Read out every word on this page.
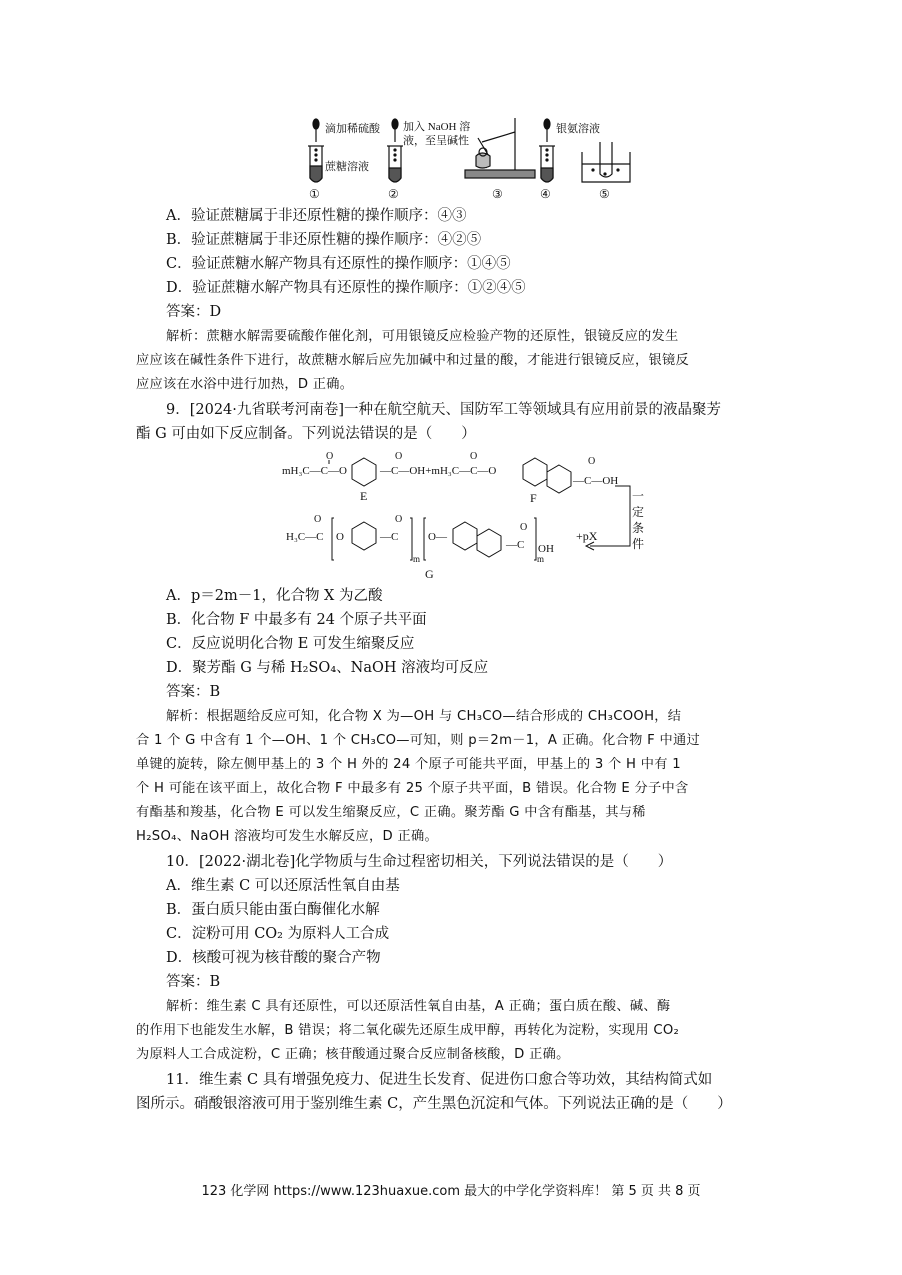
滴加稀硫酸
蔗糖溶液
①
加入 NaOH 溶
液，至呈碱性
②	③
银氨溶液
④	⑤
A．验证蔗糖属于非还原性糖的操作顺序：④③
B．验证蔗糖属于非还原性糖的操作顺序：④②⑤
C．验证蔗糖水解产物具有还原性的操作顺序：①④⑤
D．验证蔗糖水解产物具有还原性的操作顺序：①②④⑤
答案：D
解析：蔗糖水解需要硫酸作催化剂，可用银镜反应检验产物的还原性，银镜反应的发生
应应该在碱性条件下进行，故蔗糖水解后应先加碱中和过量的酸，才能进行银镜反应，银镜反
应应该在水浴中进行加热，D 正确。
9．[2024·九省联考河南卷]一种在航空航天、国防军工等领域具有应用前景的液晶聚芳
酯 G 可由如下反应制备。下列说法错误的是（　　）
mH₃C—C—O
O
—C—OH+mH₃C—C—O
O	O
—C—OH
O
H₃C—C
O
O	—C
O
m
O—
—C
O
m
OH
E	F
G
+pX
一
定
条
件
A．p＝2m－1，化合物 X 为乙酸
B．化合物 F 中最多有 24 个原子共平面
C．反应说明化合物 E 可发生缩聚反应
D．聚芳酯 G 与稀 H₂SO₄、NaOH 溶液均可反应
答案：B
解析：根据题给反应可知，化合物 X 为—OH 与 CH₃CO—结合形成的 CH₃COOH，结
合 1 个 G 中含有 1 个—OH、1 个 CH₃CO—可知，则 p＝2m－1，A 正确。化合物 F 中通过
单键的旋转，除左侧甲基上的 3 个 H 外的 24 个原子可能共平面，甲基上的 3 个 H 中有 1
个 H 可能在该平面上，故化合物 F 中最多有 25 个原子共平面，B 错误。化合物 E 分子中含
有酯基和羧基，化合物 E 可以发生缩聚反应，C 正确。聚芳酯 G 中含有酯基，其与稀
H₂SO₄、NaOH 溶液均可发生水解反应，D 正确。
10．[2022·湖北卷]化学物质与生命过程密切相关，下列说法错误的是（　　）
A．维生素 C 可以还原活性氧自由基
B．蛋白质只能由蛋白酶催化水解
C．淀粉可用 CO₂ 为原料人工合成
D．核酸可视为核苷酸的聚合产物
答案：B
解析：维生素 C 具有还原性，可以还原活性氧自由基，A 正确；蛋白质在酸、碱、酶
的作用下也能发生水解，B 错误；将二氧化碳先还原生成甲醇，再转化为淀粉，实现用 CO₂
为原料人工合成淀粉，C 正确；核苷酸通过聚合反应制备核酸，D 正确。
11．维生素 C 具有增强免疫力、促进生长发育、促进伤口愈合等功效，其结构简式如
图所示。硝酸银溶液可用于鉴别维生素 C，产生黑色沉淀和气体。下列说法正确的是（　　）
123 化学网 https://www.123huaxue.com 最大的中学化学资料库！ 第 5 页 共 8 页
